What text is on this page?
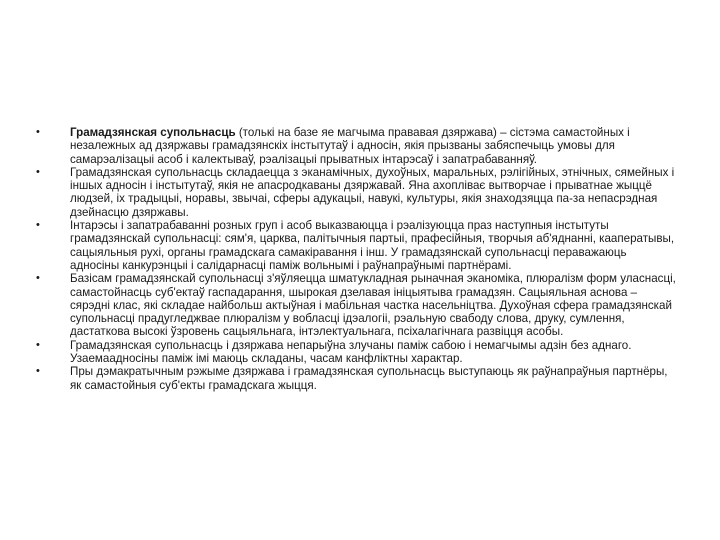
•	Грамадзянская супольнасць (толькі на базе яе магчыма прававая дзяржава) – сістэма самастойных і незалежных ад дзяржавы грамадзянскіх інстытутаў і адносін, якія прызваны забяспечыць умовы для самарэалізацыі асоб і калектываў, рэалізацыі прыватных інтарэсаў і запатрабаванняў.
•	Грамадзянская супольнасць складаецца з эканамічных, духоўных, маральных, рэлігійных, этнічных, сямейных і іншых адносін і інстытутаў, якія не апасродкаваны дзяржавай. Яна ахопліває вытворчае і прыватнае жыццё людзей, іх традыцыі, нoравы, звычаі, сферы адукацыі, навукі, культуры, якія знаходзяцца па-за непасрэдная дзейнасцю дзяржавы.
•	Інтарэсы і запатрабаванні розных груп і асоб выказваюцца і рэалізуюцца праз наступныя інстытуты грамадзянскай супольнасці: сям'я, царква, палітычныя партыі, прафесійныя, творчыя аб'яднанні, кааператывы, сацыяльныя рухі, органы грамадскага самакіравання і інш. У грамадзянскай супольнасці пераважаюць адносіны канкурэнцыі і салідарнасці паміж вольнымі і раўнапраўнымі партнёрамі.
•	Базісам грамадзянскай супольнасці з'яўляецца шматукладная рыначная эканоміка, плюралізм форм уласнасці, самастойнасць суб'ектаў гаспадарання, шырокая дзелавая ініцыятыва грамадзян. Сацыяльная аснова – сярэдні клас, які складае найбольш актыўная і мабільная частка насельніцтва. Духоўная сфера грамадзянскай супольнасці прадугледжвае плюралізм у вобласці ідэалогіі, рэальную свабоду слова, друку, сумлення, дастаткова высокі ўзровень сацыяльнага, інтэлектуальнага, псіхалагічнага развіцця асобы.
•	Грамадзянская супольнасць і дзяржава непарыўна злучаны паміж сабою і немагчымы адзін без аднаго. Узаемаадносіны паміж імі маюць складаны, часам канфліктны характар.
•	Пры дэмакратычным рэжыме дзяржава і грамадзянская супольнасць выступаюць як раўнапраўныя партнёры, як самастойныя суб'екты грамадскага жыцця.
